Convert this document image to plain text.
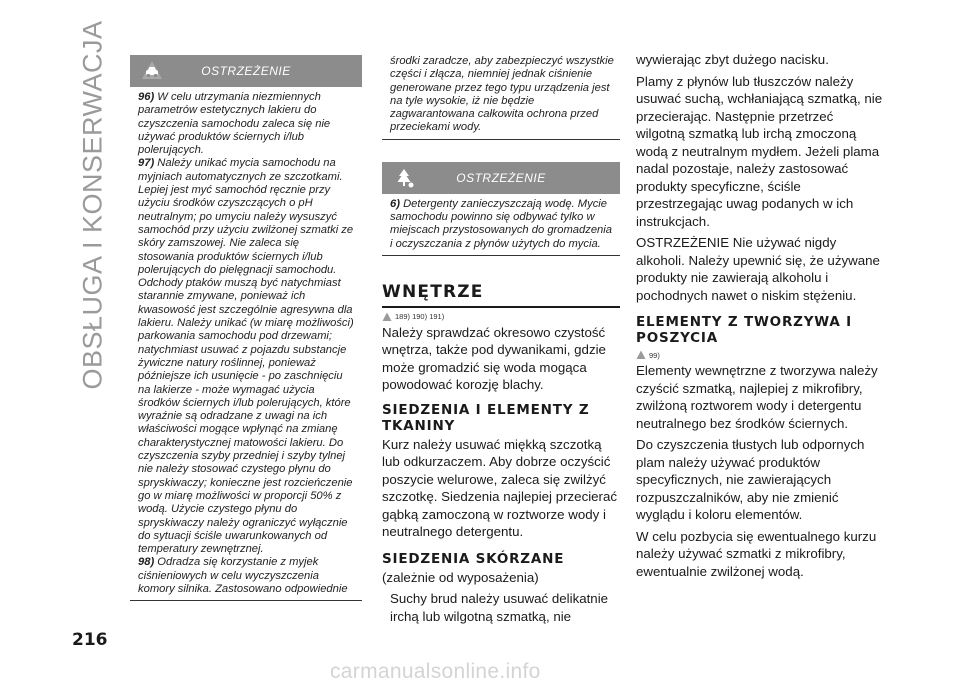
OBSŁUGA I KONSERWACJA
216
OSTRZEŻENIE

96) W celu utrzymania niezmiennych parametrów estetycznych lakieru do czyszczenia samochodu zaleca się nie używać produktów ściernych i/lub polerujących.

97) Należy unikać mycia samochodu na myjniach automatycznych ze szczotkami. Lepiej jest myć samochód ręcznie przy użyciu środków czyszczących o pH neutralnym; po umyciu należy wysuszyć samochód przy użyciu zwilżonej szmatki ze skóry zamszowej. Nie zaleca się stosowania produktów ściernych i/lub polerujących do pielęgnacji samochodu. Odchody ptaków muszą być natychmiast starannie zmywane, ponieważ ich kwasowość jest szczególnie agresywna dla lakieru. Należy unikać (w miarę możliwości) parkowania samochodu pod drzewami; natychmiast usuwać z pojazdu substancje żywiczne natury roślinnej, ponieważ późniejsze ich usunięcie - po zaschnięciu na lakierze - może wymagać użycia środków ściernych i/lub polerujących, które wyraźnie są odradzane z uwagi na ich właściwości mogące wpłynąć na zmianę charakterystycznej matowości lakieru. Do czyszczenia szyby przedniej i szyby tylnej nie należy stosować czystego płynu do spryskiwaczy; konieczne jest rozcieńczenie go w miarę możliwości w proporcji 50% z wodą. Użycie czystego płynu do spryskiwaczy należy ograniczyć wyłącznie do sytuacji ściśle uwarunkowanych od temperatury zewnętrznej.

98) Odradza się korzystanie z myjek ciśnieniowych w celu wyczyszczenia komory silnika. Zastosowano odpowiednie

środki zaradcze, aby zabezpieczyć wszystkie części i złącza, niemniej jednak ciśnienie generowane przez tego typu urządzenia jest na tyle wysokie, iż nie będzie zagwarantowana całkowita ochrona przed przeciekami wody.
OSTRZEŻENIE

6) Detergenty zanieczyszczają wodę. Mycie samochodu powinno się odbywać tylko w miejscach przystosowanych do gromadzenia i oczyszczania z płynów użytych do mycia.

WNĘTRZE
189) 190) 191)

Należy sprawdzać okresowo czystość wnętrza, także pod dywanikami, gdzie może gromadzić się woda mogąca powodować korozję blachy.

SIEDZENIA I ELEMENTY Z TKANINY

Kurz należy usuwać miękką szczotką lub odkurzaczem. Aby dobrze oczyścić poszycie welurowe, zaleca się zwilżyć szczotkę. Siedzenia najlepiej przecierać gąbką zamoczoną w roztworze wody i neutralnego detergentu.

SIEDZENIA SKÓRZANE

(zależnie od wyposażenia)

Suchy brud należy usuwać delikatnie irchą lub wilgotną szmatką, nie

wywierając zbyt dużego nacisku.

Plamy z płynów lub tłuszczów należy usuwać suchą, wchłaniającą szmatką, nie przecierając. Następnie przetrzeć wilgotną szmatką lub irchą zmoczoną wodą z neutralnym mydłem. Jeżeli plama nadal pozostaje, należy zastosować produkty specyficzne, ściśle przestrzegając uwag podanych w ich instrukcjach.

OSTRZEŻENIE Nie używać nigdy alkoholi. Należy upewnić się, że używane produkty nie zawierają alkoholu i pochodnych nawet o niskim stężeniu.

ELEMENTY Z TWORZYWA I POSZYCIA
99)

Elementy wewnętrzne z tworzywa należy czyścić szmatką, najlepiej z mikrofibry, zwilżoną roztworem wody i detergentu neutralnego bez środków ściernych.

Do czyszczenia tłustych lub odpornych plam należy używać produktów specyficznych, nie zawierających rozpuszczalników, aby nie zmienić wyglądu i koloru elementów.

W celu pozbycia się ewentualnego kurzu należy używać szmatki z mikrofibry, ewentualnie zwilżonej wodą.

carmanualsonline.info
